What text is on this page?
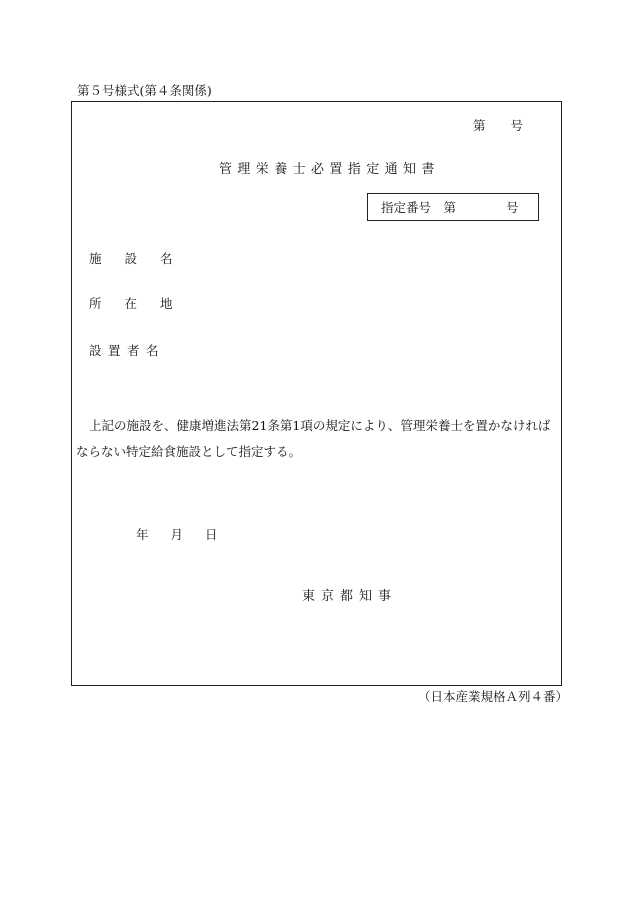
第５号様式(第４条関係)
第　　号
管理栄養士必置指定通知書
指定番号　第　　　　号
施設名
所在地
設置者名
上記の施設を、健康増進法第21条第1項の規定により、管理栄養士を置かなければならない特定給食施設として指定する。
年 月 日
東京都知事
（日本産業規格Ａ列４番）
